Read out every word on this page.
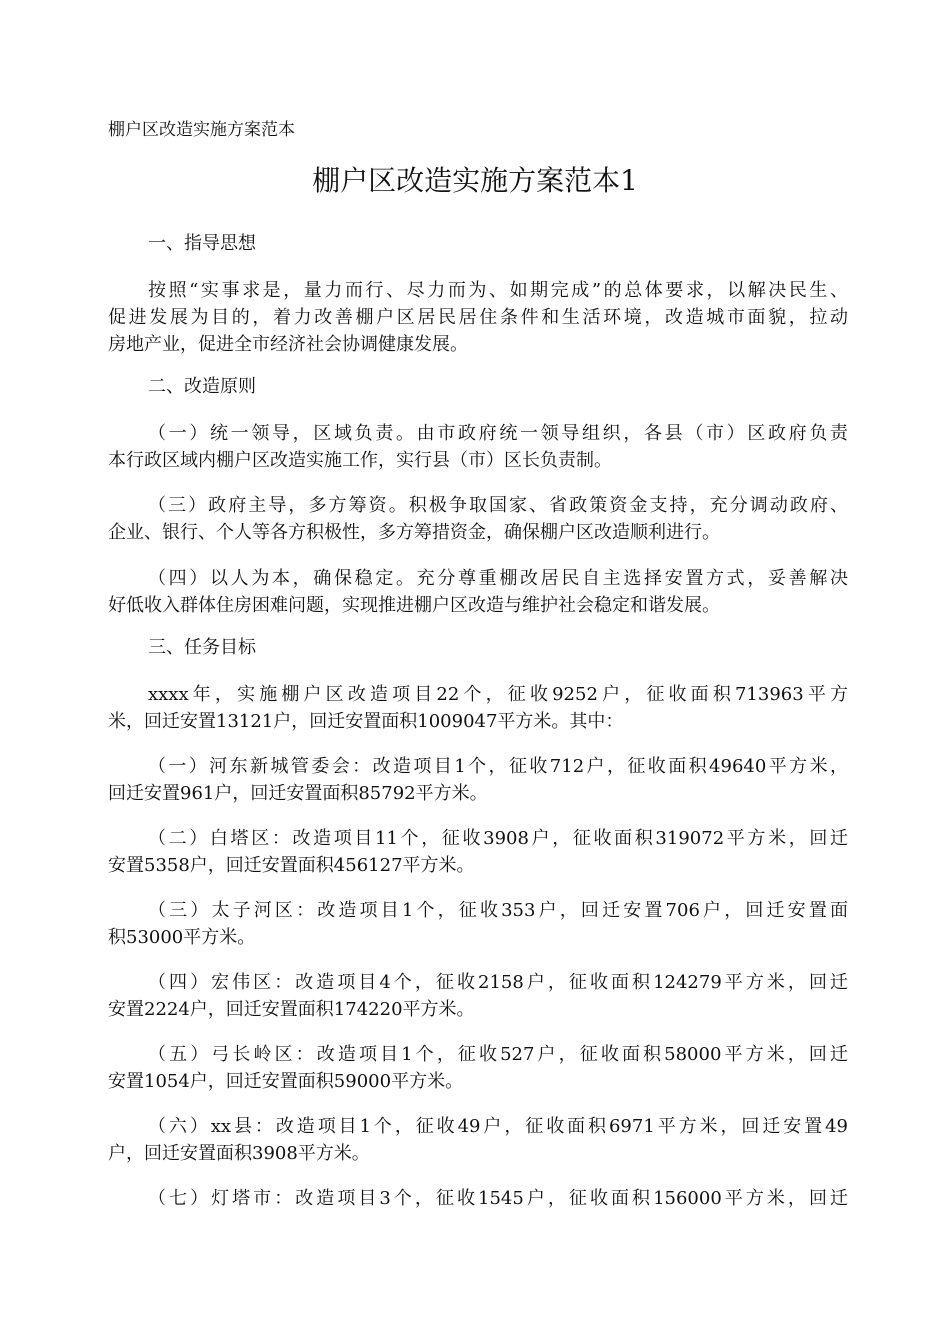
棚户区改造实施方案范本
棚户区改造实施方案范本1
一、指导思想
按照“实事求是，量力而行、尽力而为、如期完成”的总体要求，以解决民生、
促进发展为目的，着力改善棚户区居民居住条件和生活环境，改造城市面貌，拉动
房地产业，促进全市经济社会协调健康发展。
二、改造原则
（一）统一领导，区域负责。由市政府统一领导组织，各县（市）区政府负责
本行政区域内棚户区改造实施工作，实行县（市）区长负责制。
（三）政府主导，多方筹资。积极争取国家、省政策资金支持，充分调动政府、
企业、银行、个人等各方积极性，多方筹措资金，确保棚户区改造顺利进行。
（四）以人为本，确保稳定。充分尊重棚改居民自主选择安置方式，妥善解决
好低收入群体住房困难问题，实现推进棚户区改造与维护社会稳定和谐发展。
三、任务目标
xxxx年，实施棚户区改造项目22个，征收9252户，征收面积713963平方
米，回迁安置13121户，回迁安置面积1009047平方米。其中：
（一）河东新城管委会：改造项目1个，征收712户，征收面积49640平方米，
回迁安置961户，回迁安置面积85792平方米。
（二）白塔区：改造项目11个，征收3908户，征收面积319072平方米，回迁
安置5358户，回迁安置面积456127平方米。
（三）太子河区：改造项目1个，征收353户，回迁安置706户，回迁安置面
积53000平方米。
（四）宏伟区：改造项目4个，征收2158户，征收面积124279平方米，回迁
安置2224户，回迁安置面积174220平方米。
（五）弓长岭区：改造项目1个，征收527户，征收面积58000平方米，回迁
安置1054户，回迁安置面积59000平方米。
（六）xx县：改造项目1个，征收49户，征收面积6971平方米，回迁安置49
户，回迁安置面积3908平方米。
（七）灯塔市：改造项目3个，征收1545户，征收面积156000平方米，回迁
